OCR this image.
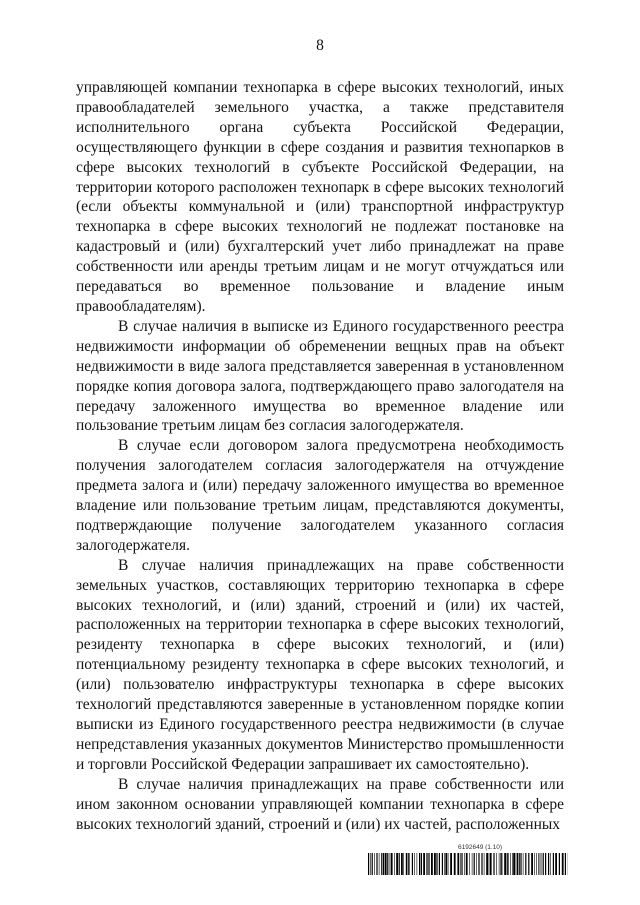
8

управляющей компании технопарка в сфере высоких технологий, иных правообладателей земельного участка, а также представителя исполнительного органа субъекта Российской Федерации, осуществляющего функции в сфере создания и развития технопарков в сфере высоких технологий в субъекте Российской Федерации, на территории которого расположен технопарк в сфере высоких технологий (если объекты коммунальной и (или) транспортной инфраструктур технопарка в сфере высоких технологий не подлежат постановке на кадастровый и (или) бухгалтерский учет либо принадлежат на праве собственности или аренды третьим лицам и не могут отчуждаться или передаваться во временное пользование и владение иным правообладателям).

В случае наличия в выписке из Единого государственного реестра недвижимости информации об обременении вещных прав на объект недвижимости в виде залога представляется заверенная в установленном порядке копия договора залога, подтверждающего право залогодателя на передачу заложенного имущества во временное владение или пользование третьим лицам без согласия залогодержателя.

В случае если договором залога предусмотрена необходимость получения залогодателем согласия залогодержателя на отчуждение предмета залога и (или) передачу заложенного имущества во временное владение или пользование третьим лицам, представляются документы, подтверждающие получение залогодателем указанного согласия залогодержателя.

В случае наличия принадлежащих на праве собственности земельных участков, составляющих территорию технопарка в сфере высоких технологий, и (или) зданий, строений и (или) их частей, расположенных на территории технопарка в сфере высоких технологий, резиденту технопарка в сфере высоких технологий, и (или) потенциальному резиденту технопарка в сфере высоких технологий, и (или) пользователю инфраструктуры технопарка в сфере высоких технологий представляются заверенные в установленном порядке копии выписки из Единого государственного реестра недвижимости (в случае непредставления указанных документов Министерство промышленности и торговли Российской Федерации запрашивает их самостоятельно).

В случае наличия принадлежащих на праве собственности или ином законном основании управляющей компании технопарка в сфере высоких технологий зданий, строений и (или) их частей, расположенных

6192649 (1.10)
